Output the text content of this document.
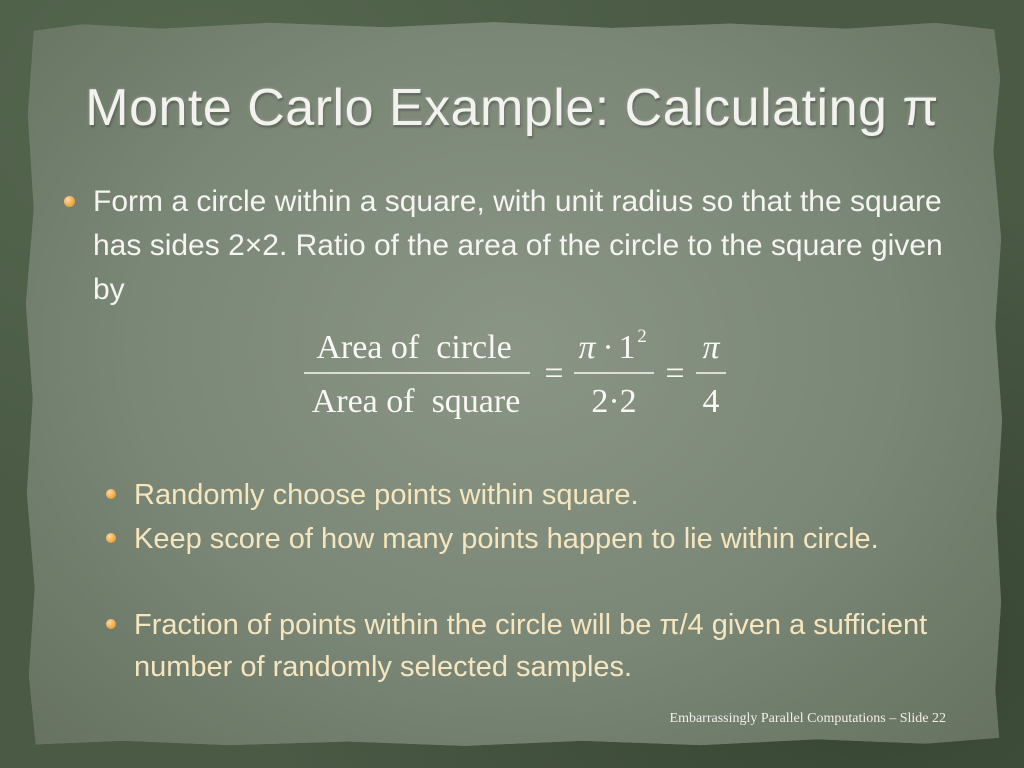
Monte Carlo Example: Calculating π
Form a circle within a square, with unit radius so that the square has sides 2×2. Ratio of the area of the circle to the square given by
Area of  circle
Area of  square
=
π · 1 2
2·2
=
π
4
Randomly choose points within square.
Keep score of how many points happen to lie within circle.
Fraction of points within the circle will be π/4 given a sufficient number of randomly selected samples.
Embarrassingly Parallel Computations – Slide 22
